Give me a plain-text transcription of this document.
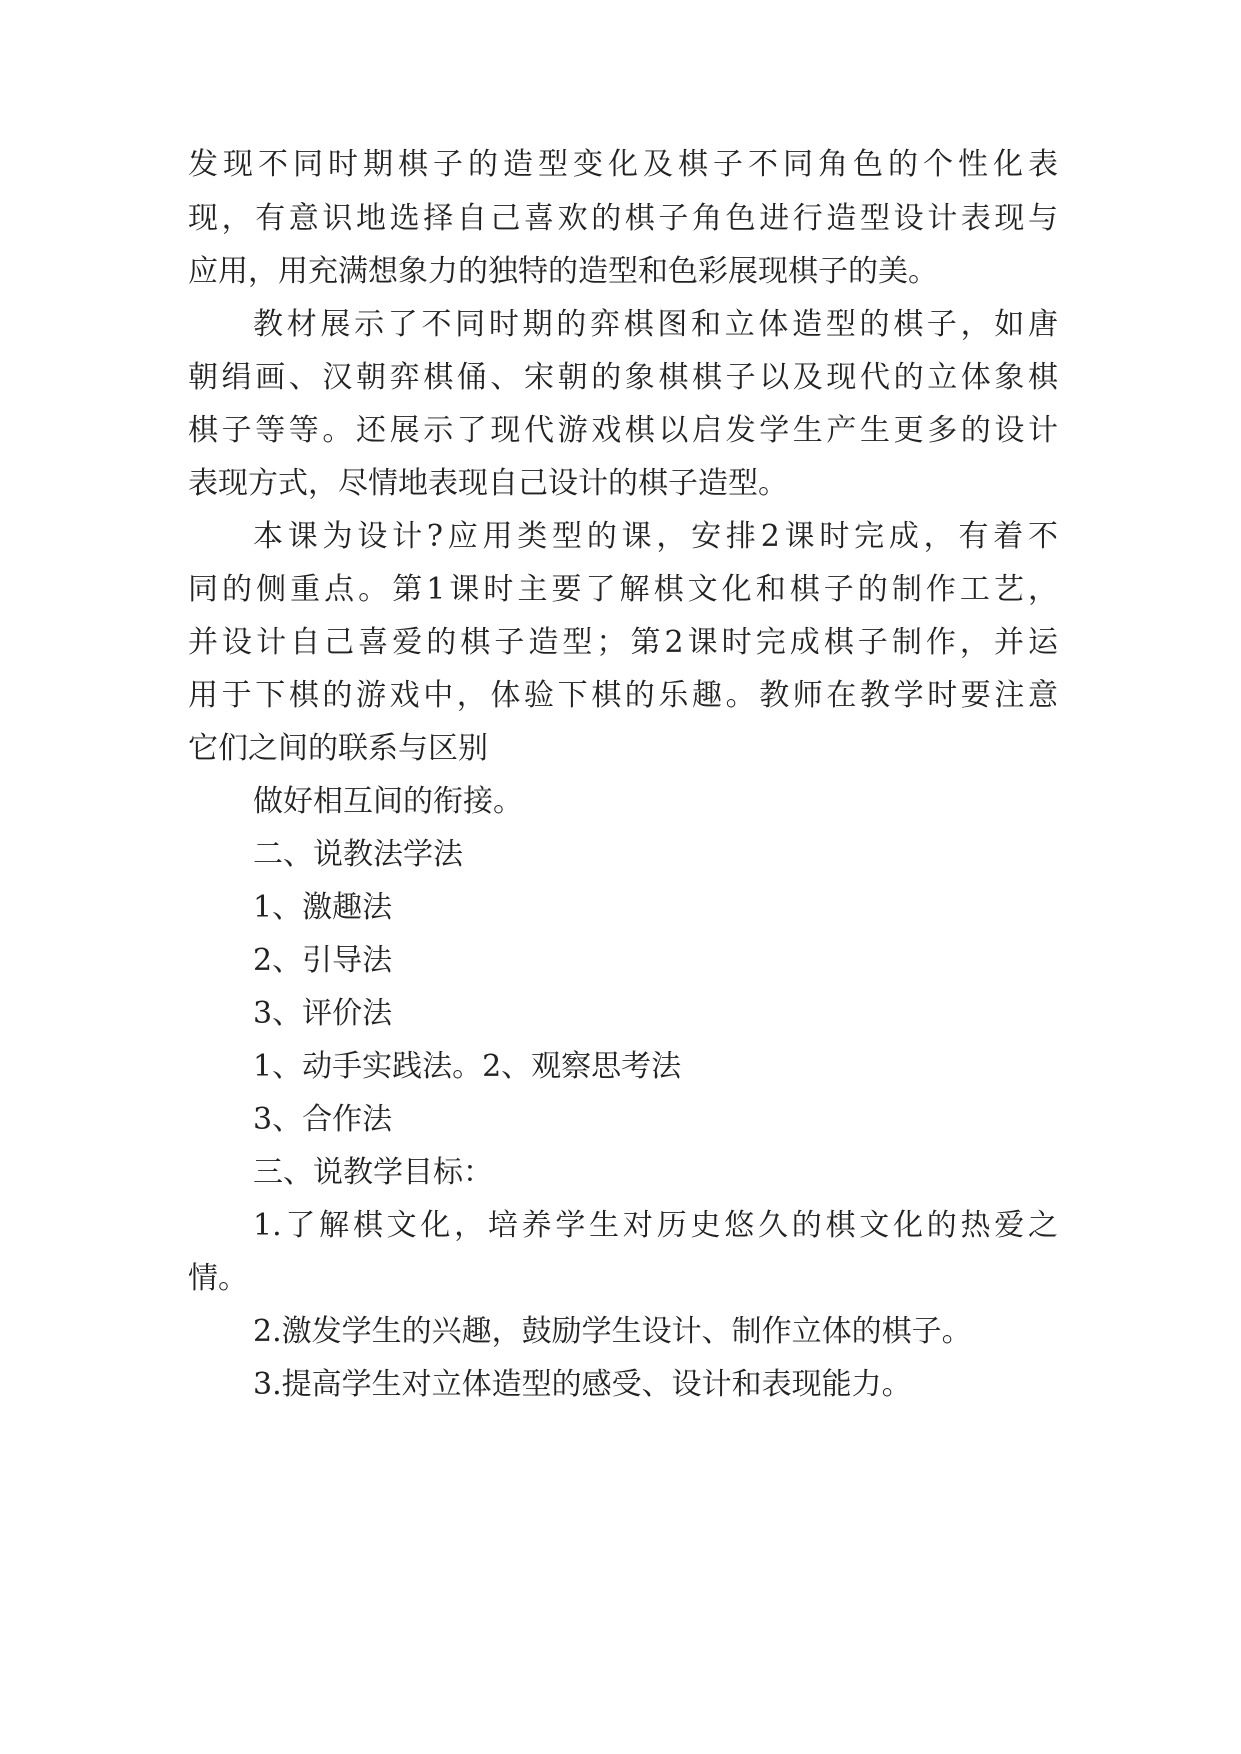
发现不同时期棋子的造型变化及棋子不同角色的个性化表
现，有意识地选择自己喜欢的棋子角色进行造型设计表现与
应用，用充满想象力的独特的造型和色彩展现棋子的美。
教材展示了不同时期的弈棋图和立体造型的棋子，如唐
朝绢画、汉朝弈棋俑、宋朝的象棋棋子以及现代的立体象棋
棋子等等。还展示了现代游戏棋以启发学生产生更多的设计
表现方式，尽情地表现自己设计的棋子造型。
本课为设计?应用类型的课，安排2课时完成，有着不
同的侧重点。第1课时主要了解棋文化和棋子的制作工艺，
并设计自己喜爱的棋子造型；第2课时完成棋子制作，并运
用于下棋的游戏中，体验下棋的乐趣。教师在教学时要注意
它们之间的联系与区别
做好相互间的衔接。
二、说教法学法
1、激趣法
2、引导法
3、评价法
1、动手实践法。2、观察思考法
3、合作法
三、说教学目标：
1.了解棋文化，培养学生对历史悠久的棋文化的热爱之
情。
2.激发学生的兴趣，鼓励学生设计、制作立体的棋子。
3.提高学生对立体造型的感受、设计和表现能力。
